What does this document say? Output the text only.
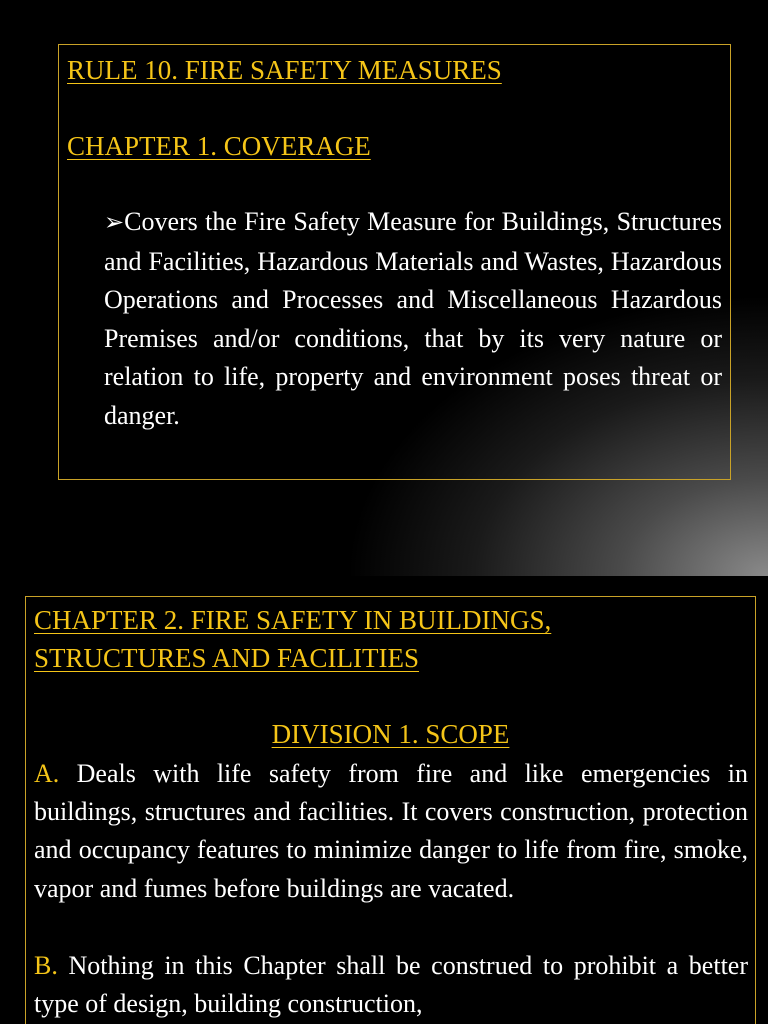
RULE 10. FIRE SAFETY MEASURES
CHAPTER 1. COVERAGE

➢Covers the Fire Safety Measure for Buildings, Structures and Facilities, Hazardous Materials and Wastes, Hazardous Operations and Processes and Miscellaneous Hazardous Premises and/or conditions, that by its very nature or relation to life, property and environment poses threat or danger.

CHAPTER 2. FIRE SAFETY IN BUILDINGS,
STRUCTURES AND FACILITIES
DIVISION 1. SCOPE

A. Deals with life safety from fire and like emergencies in buildings, structures and facilities. It covers construction, protection and occupancy features to minimize danger to life from fire, smoke, vapor and fumes before buildings are vacated.

B. Nothing in this Chapter shall be construed to prohibit a better type of design, building construction,
